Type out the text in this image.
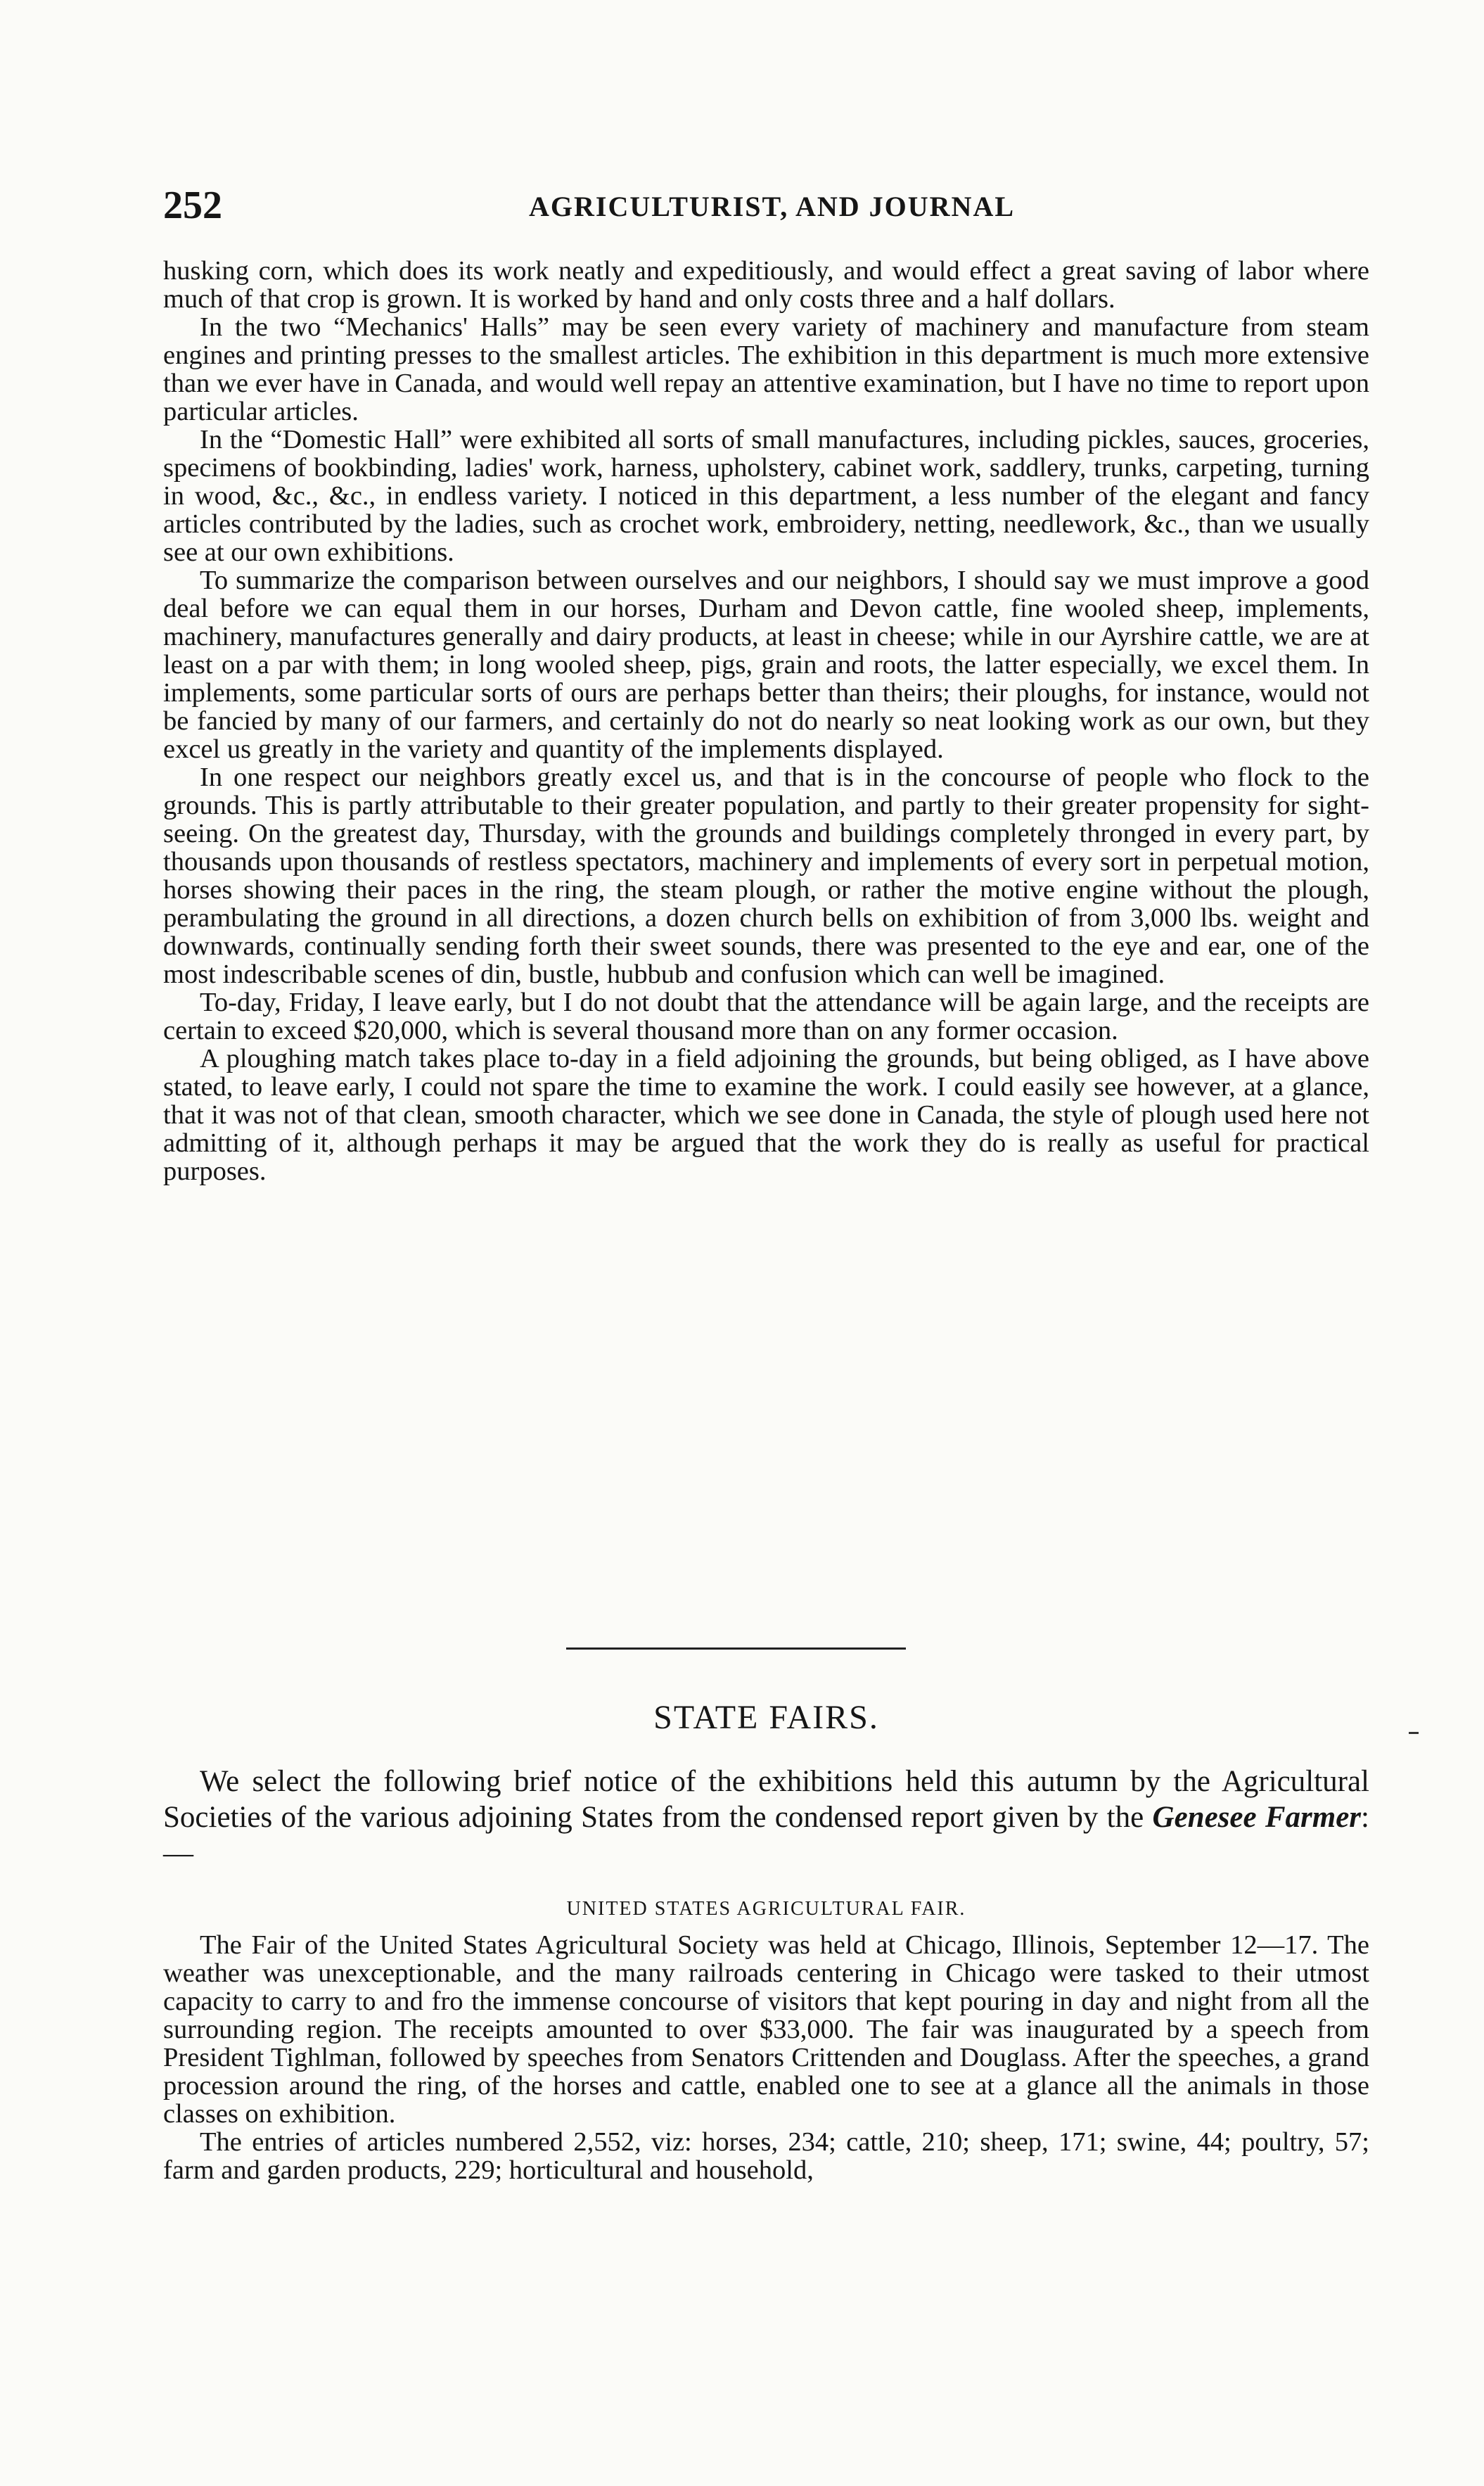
252	AGRICULTURIST, AND JOURNAL

husking corn, which does its work neatly and expeditiously, and would effect a great saving of labor where much of that crop is grown. It is worked by hand and only costs three and a half dollars.

In the two “Mechanics' Halls” may be seen every variety of machinery and manufacture from steam engines and printing presses to the smallest articles. The exhibition in this department is much more extensive than we ever have in Canada, and would well repay an attentive examination, but I have no time to report upon particular articles.

In the “Domestic Hall” were exhibited all sorts of small manufactures, including pickles, sauces, groceries, specimens of bookbinding, ladies' work, harness, upholstery, cabinet work, saddlery, trunks, carpeting, turning in wood, &c., &c., in endless variety. I noticed in this department, a less number of the elegant and fancy articles contributed by the ladies, such as crochet work, embroidery, netting, needlework, &c., than we usually see at our own exhibitions.

To summarize the comparison between ourselves and our neighbors, I should say we must improve a good deal before we can equal them in our horses, Durham and Devon cattle, fine wooled sheep, implements, machinery, manufactures generally and dairy products, at least in cheese; while in our Ayrshire cattle, we are at least on a par with them; in long wooled sheep, pigs, grain and roots, the latter especially, we excel them. In implements, some particular sorts of ours are perhaps better than theirs; their ploughs, for instance, would not be fancied by many of our farmers, and certainly do not do nearly so neat looking work as our own, but they excel us greatly in the variety and quantity of the implements displayed.

In one respect our neighbors greatly excel us, and that is in the concourse of people who flock to the grounds. This is partly attributable to their greater population, and partly to their greater propensity for sight-seeing. On the greatest day, Thursday, with the grounds and buildings completely thronged in every part, by thousands upon thousands of restless spectators, machinery and implements of every sort in perpetual motion, horses showing their paces in the ring, the steam plough, or rather the motive engine without the plough, perambulating the ground in all directions, a dozen church bells on exhibition of from 3,000 lbs. weight and downwards, continually sending forth their sweet sounds, there was presented to the eye and ear, one of the most indescribable scenes of din, bustle, hubbub and confusion which can well be imagined.

To-day, Friday, I leave early, but I do not doubt that the attendance will be again large, and the receipts are certain to exceed $20,000, which is several thousand more than on any former occasion.

A ploughing match takes place to-day in a field adjoining the grounds, but being obliged, as I have above stated, to leave early, I could not spare the time to examine the work. I could easily see however, at a glance, that it was not of that clean, smooth character, which we see done in Canada, the style of plough used here not admitting of it, although perhaps it may be argued that the work they do is really as useful for practical purposes.

STATE FAIRS.

We select the following brief notice of the exhibitions held this autumn by the Agricultural Societies of the various adjoining States from the condensed report given by the Genesee Farmer:—

UNITED STATES AGRICULTURAL FAIR.

The Fair of the United States Agricultural Society was held at Chicago, Illinois, September 12—17. The weather was unexceptionable, and the many railroads centering in Chicago were tasked to their utmost capacity to carry to and fro the immense concourse of visitors that kept pouring in day and night from all the surrounding region. The receipts amounted to over $33,000. The fair was inaugurated by a speech from President Tighlman, followed by speeches from Senators Crittenden and Douglass. After the speeches, a grand procession around the ring, of the horses and cattle, enabled one to see at a glance all the animals in those classes on exhibition.

The entries of articles numbered 2,552, viz: horses, 234; cattle, 210; sheep, 171; swine, 44; poultry, 57; farm and garden products, 229; horticultural and household,
